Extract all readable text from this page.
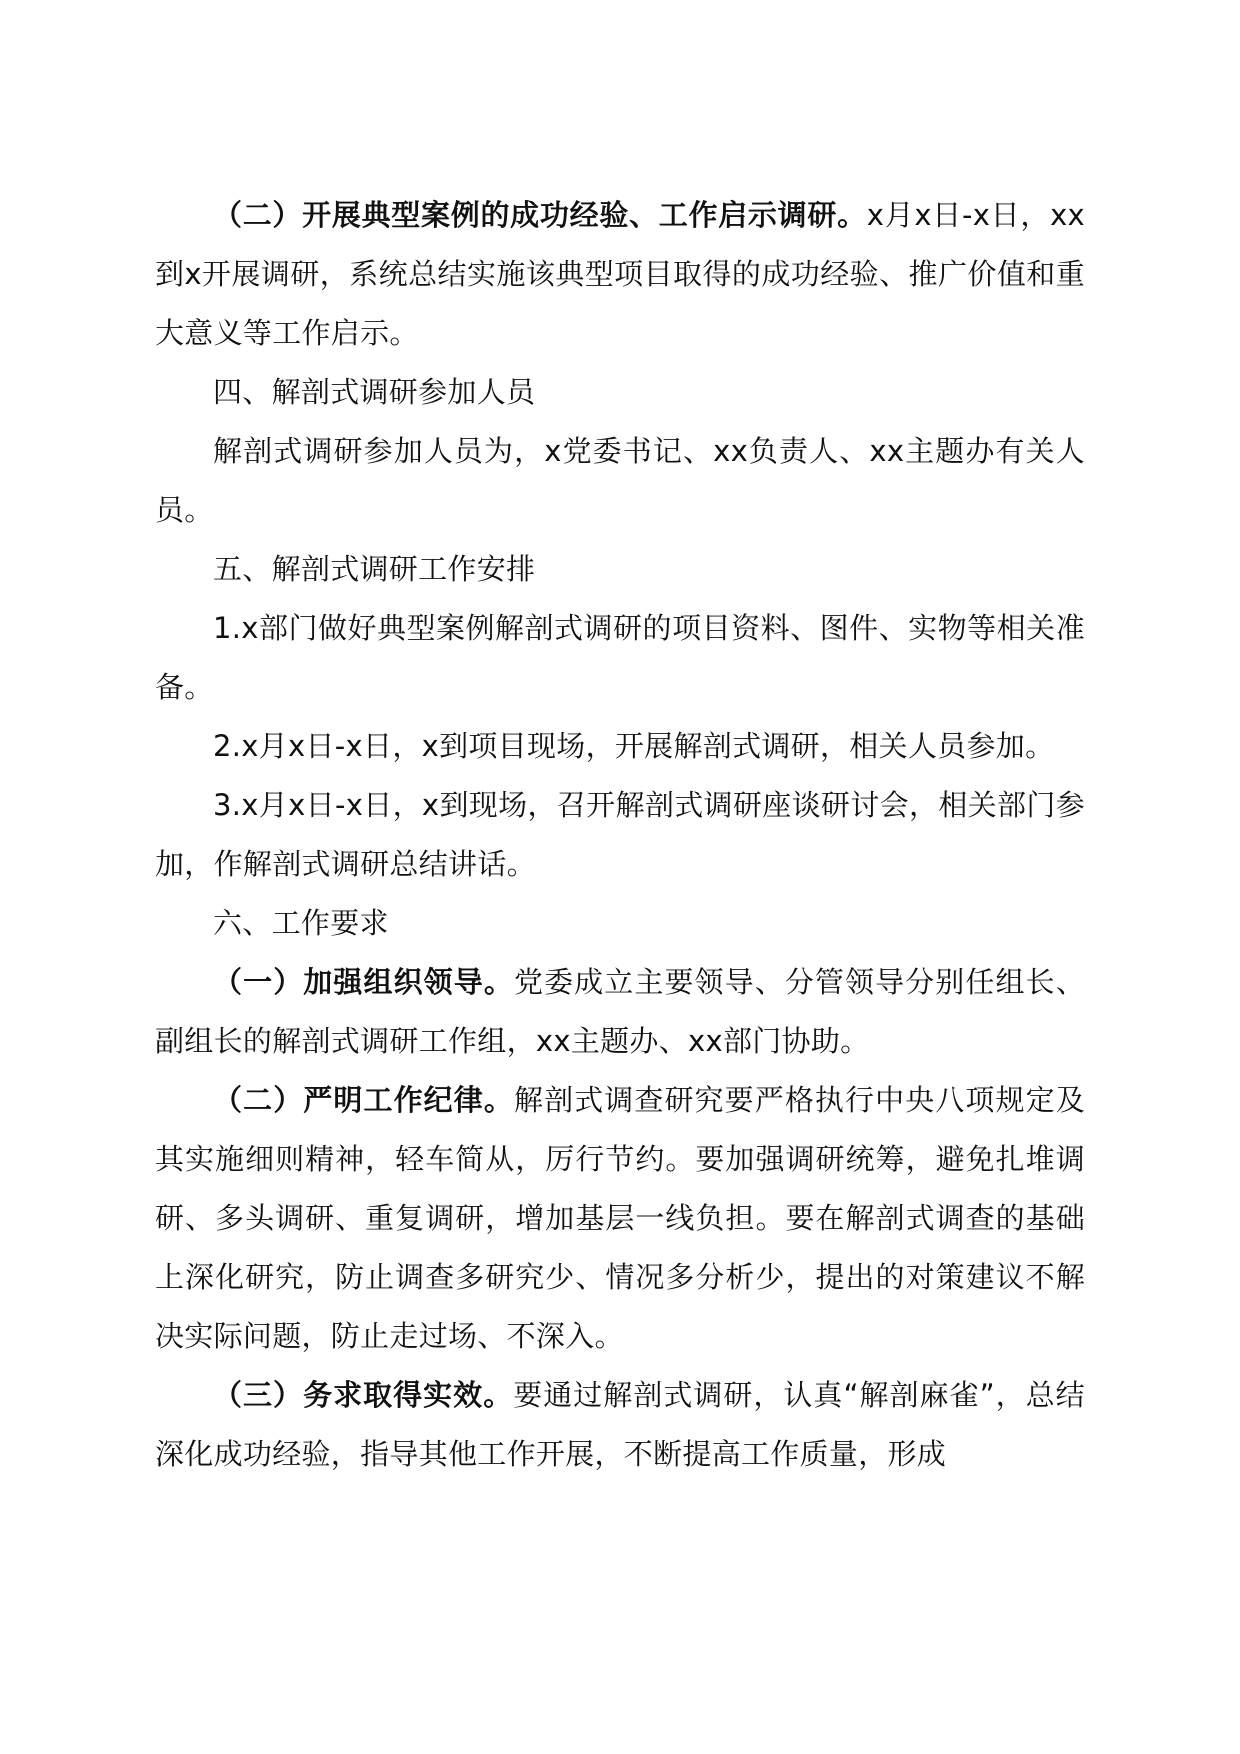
（二）开展典型案例的成功经验、工作启示调研。x月x日-x日，xx到x开展调研，系统总结实施该典型项目取得的成功经验、推广价值和重大意义等工作启示。

四、解剖式调研参加人员

解剖式调研参加人员为，x党委书记、xx负责人、xx主题办有关人员。

五、解剖式调研工作安排

1.x部门做好典型案例解剖式调研的项目资料、图件、实物等相关准备。

2.x月x日-x日，x到项目现场，开展解剖式调研，相关人员参加。

3.x月x日-x日，x到现场，召开解剖式调研座谈研讨会，相关部门参加，作解剖式调研总结讲话。

六、工作要求

（一）加强组织领导。党委成立主要领导、分管领导分别任组长、副组长的解剖式调研工作组，xx主题办、xx部门协助。

（二）严明工作纪律。解剖式调查研究要严格执行中央八项规定及其实施细则精神，轻车简从，厉行节约。要加强调研统筹，避免扎堆调研、多头调研、重复调研，增加基层一线负担。要在解剖式调查的基础上深化研究，防止调查多研究少、情况多分析少，提出的对策建议不解决实际问题，防止走过场、不深入。

（三）务求取得实效。要通过解剖式调研，认真“解剖麻雀”，总结深化成功经验，指导其他工作开展，不断提高工作质量，形成
